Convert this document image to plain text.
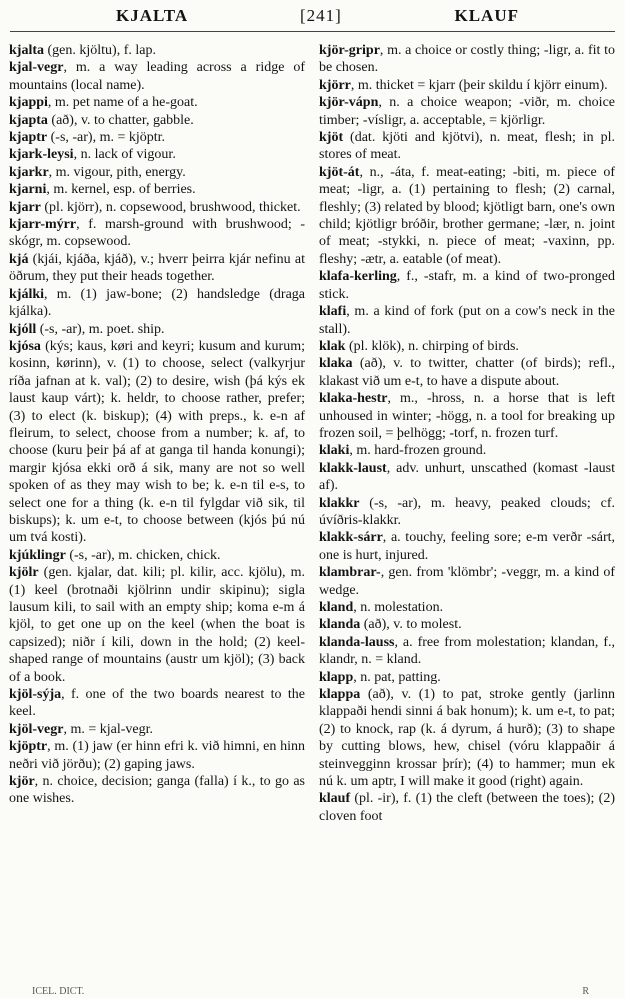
KJALTA	[241]	KLAUF

kjalta (gen. kjöltu), f. lap.

kjal-vegr, m. a way leading across a ridge of mountains (local name).

kjappi, m. pet name of a he-goat.

kjapta (að), v. to chatter, gabble.

kjaptr (-s, -ar), m. = kjöptr.

kjark-leysi, n. lack of vigour.

kjarkr, m. vigour, pith, energy.

kjarni, m. kernel, esp. of berries.

kjarr (pl. kjörr), n. copsewood, brushwood, thicket.

kjarr-mýrr, f. marsh-ground with brushwood; -skógr, m. copsewood.

kjá (kjái, kjáða, kjáð), v.; hverr þeirra kjár nefinu at öðrum, they put their heads together.

kjálki, m. (1) jaw-bone; (2) handsledge (draga kjálka).

kjóll (-s, -ar), m. poet. ship.

kjósa (kýs; kaus, køri and keyri; kusum and kurum; kosinn, kørinn), v. (1) to choose, select (valkyrjur ríða jafnan at k. val); (2) to desire, wish (þá kýs ek laust kaup várt); k. heldr, to choose rather, prefer; (3) to elect (k. biskup); (4) with preps., k. e-n af fleirum, to select, choose from a number; k. af, to choose (kuru þeir þá af at ganga til handa konungi); margir kjósa ekki orð á sik, many are not so well spoken of as they may wish to be; k. e-n til e-s, to select one for a thing (k. e-n til fylgdar við sik, til biskups); k. um e-t, to choose between (kjós þú nú um tvá kosti).

kjúklingr (-s, -ar), m. chicken, chick.

kjölr (gen. kjalar, dat. kili; pl. kilir, acc. kjölu), m. (1) keel (brotnaði kjölrinn undir skipinu); sigla lausum kili, to sail with an empty ship; koma e-m á kjöl, to get one up on the keel (when the boat is capsized); niðr í kili, down in the hold; (2) keel-shaped range of mountains (austr um kjöl); (3) back of a book.

kjöl-sýja, f. one of the two boards nearest to the keel.

kjöl-vegr, m. = kjal-vegr.

kjöptr, m. (1) jaw (er hinn efri k. við himni, en hinn neðri við jörðu); (2) gaping jaws.

kjör, n. choice, decision; ganga (falla) í k., to go as one wishes.

kjör-gripr, m. a choice or costly thing; -ligr, a. fit to be chosen.

kjörr, m. thicket = kjarr (þeir skildu í kjörr einum).

kjör-vápn, n. a choice weapon; -viðr, m. choice timber; -vísligr, a. acceptable, = kjörligr.

kjöt (dat. kjöti and kjötvi), n. meat, flesh; in pl. stores of meat.

kjöt-át, n., -áta, f. meat-eating; -biti, m. piece of meat; -ligr, a. (1) pertaining to flesh; (2) carnal, fleshly; (3) related by blood; kjötligt barn, one's own child; kjötligr bróðir, brother germane; -lær, n. joint of meat; -stykki, n. piece of meat; -vaxinn, pp. fleshy; -ætr, a. eatable (of meat).

klafa-kerling, f., -stafr, m. a kind of two-pronged stick.

klafi, m. a kind of fork (put on a cow's neck in the stall).

klak (pl. klök), n. chirping of birds.

klaka (að), v. to twitter, chatter (of birds); refl., klakast við um e-t, to have a dispute about.

klaka-hestr, m., -hross, n. a horse that is left unhoused in winter; -högg, n. a tool for breaking up frozen soil, = þelhögg; -torf, n. frozen turf.

klaki, m. hard-frozen ground.

klakk-laust, adv. unhurt, unscathed (komast -laust af).

klakkr (-s, -ar), m. heavy, peaked clouds; cf. úvíðris-klakkr.

klakk-sárr, a. touchy, feeling sore; e-m verðr -sárt, one is hurt, injured.

klambrar-, gen. from 'klömbr'; -veggr, m. a kind of wedge.

kland, n. molestation.

klanda (að), v. to molest.

klanda-lauss, a. free from molestation; klandan, f., klandr, n. = kland.

klapp, n. pat, patting.

klappa (að), v. (1) to pat, stroke gently (jarlinn klappaði hendi sinni á bak honum); k. um e-t, to pat; (2) to knock, rap (k. á dyrum, á hurð); (3) to shape by cutting blows, hew, chisel (vóru klappaðir á steinvegginn krossar þrír); (4) to hammer; mun ek nú k. um aptr, I will make it good (right) again.

klauf (pl. -ir), f. (1) the cleft (between the toes); (2) cloven foot

ICEL. DICT.	R
